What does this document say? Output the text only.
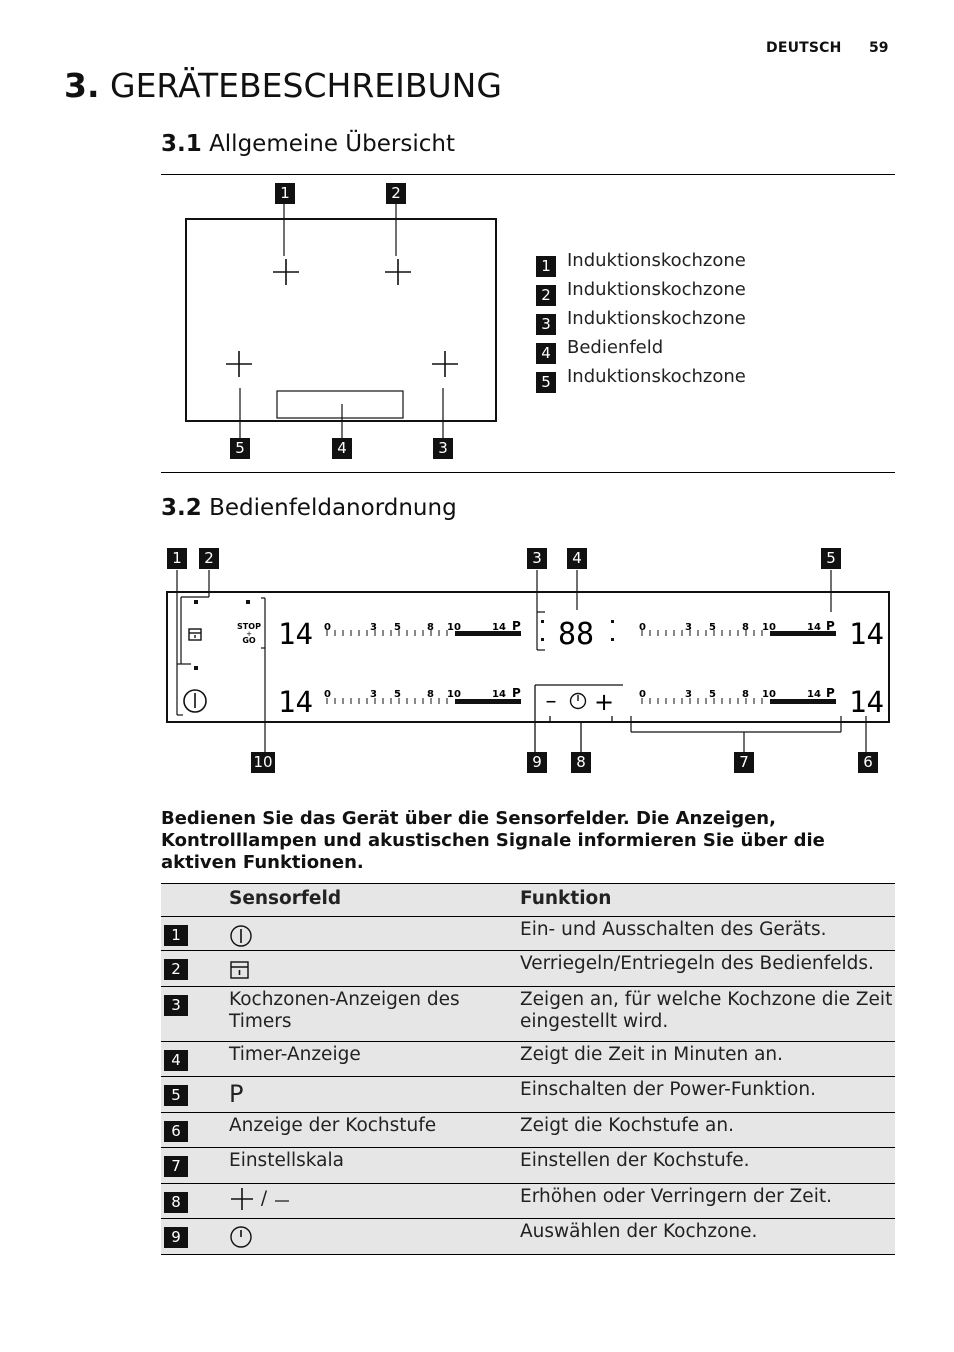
DEUTSCH 59
3. GERÄTEBESCHREIBUNG
3.1 Allgemeine Übersicht
1	2
5	4	3
1 Induktionskochzone
2 Induktionskochzone
3 Induktionskochzone
4 Bedienfeld
5 Induktionskochzone
3.2 Bedienfeldanordnung
STOP
+
GO 14
14
14
14
0	3 5	8 10	14 P
0	3 5	8 10	14 P
0	3 5	8 10	14 P
0	3 5	8 10	14 P
88
– +
1	2	3	4	5
10	9	8	7	6
Bedienen Sie das Gerät über die Sensorfelder. Die Anzeigen, Kontrolllampen und akustischen Signale informieren Sie über die aktiven Funktionen.
	Sensorfeld	Funktion
1		Ein- und Ausschalten des Geräts.
2		Verriegeln/Entriegeln des Bedienfelds.
3	Kochzonen-Anzeigen des Timers	Zeigen an, für welche Kochzone die Zeit eingestellt wird.
4	Timer-Anzeige	Zeigt die Zeit in Minuten an.
5	P	Einschalten der Power-Funktion.
6	Anzeige der Kochstufe	Zeigt die Kochstufe an.
7	Einstellskala	Einstellen der Kochstufe.
8	/	Erhöhen oder Verringern der Zeit.
9		Auswählen der Kochzone.
